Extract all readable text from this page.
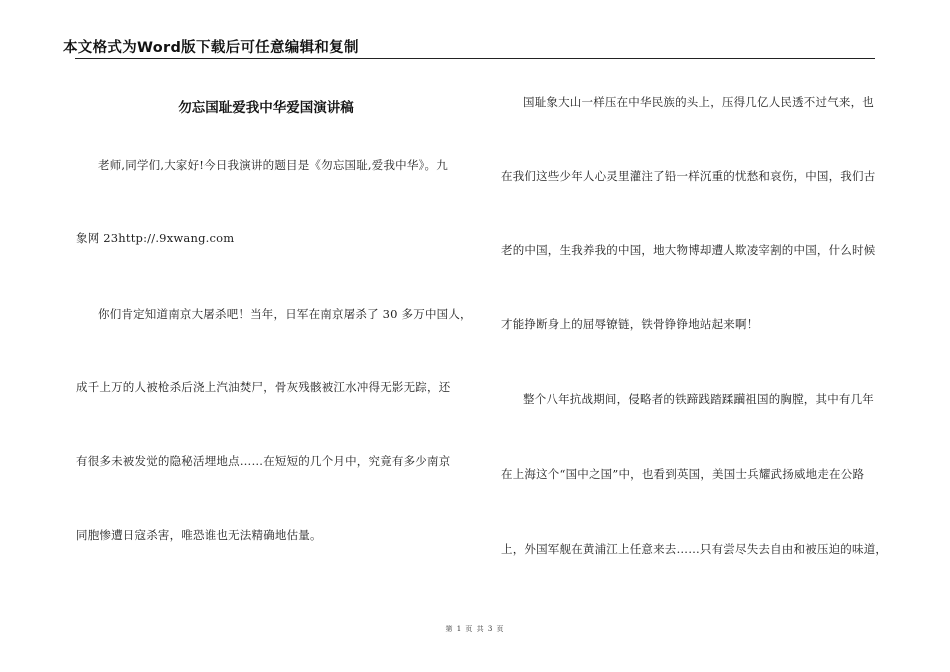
本文格式为Word版下载后可任意编辑和复制
勿忘国耻爱我中华爱国演讲稿
老师,同学们,大家好!今日我演讲的题目是《勿忘国耻,爱我中华》。九
象网 23http://.9xwang.com
你们肯定知道南京大屠杀吧！当年，日军在南京屠杀了 30 多万中国人，
成千上万的人被枪杀后浇上汽油焚尸，骨灰残骸被江水冲得无影无踪，还
有很多未被发觉的隐秘活埋地点……在短短的几个月中，究竟有多少南京
同胞惨遭日寇杀害，唯恐谁也无法精确地估量。
国耻象大山一样压在中华民族的头上，压得几亿人民透不过气来，也
在我们这些少年人心灵里灌注了铅一样沉重的忧愁和哀伤，中国，我们古
老的中国，生我养我的中国，地大物博却遭人欺凌宰割的中国，什么时候
才能挣断身上的屈辱镣链，铁骨铮铮地站起来啊！
整个八年抗战期间，侵略者的铁蹄践踏蹂躏祖国的胸膛，其中有几年
在上海这个“国中之国”中，也看到英国，美国士兵耀武扬威地走在公路
上，外国军舰在黄浦江上任意来去……只有尝尽失去自由和被压迫的味道，
第 1 页 共 3 页
